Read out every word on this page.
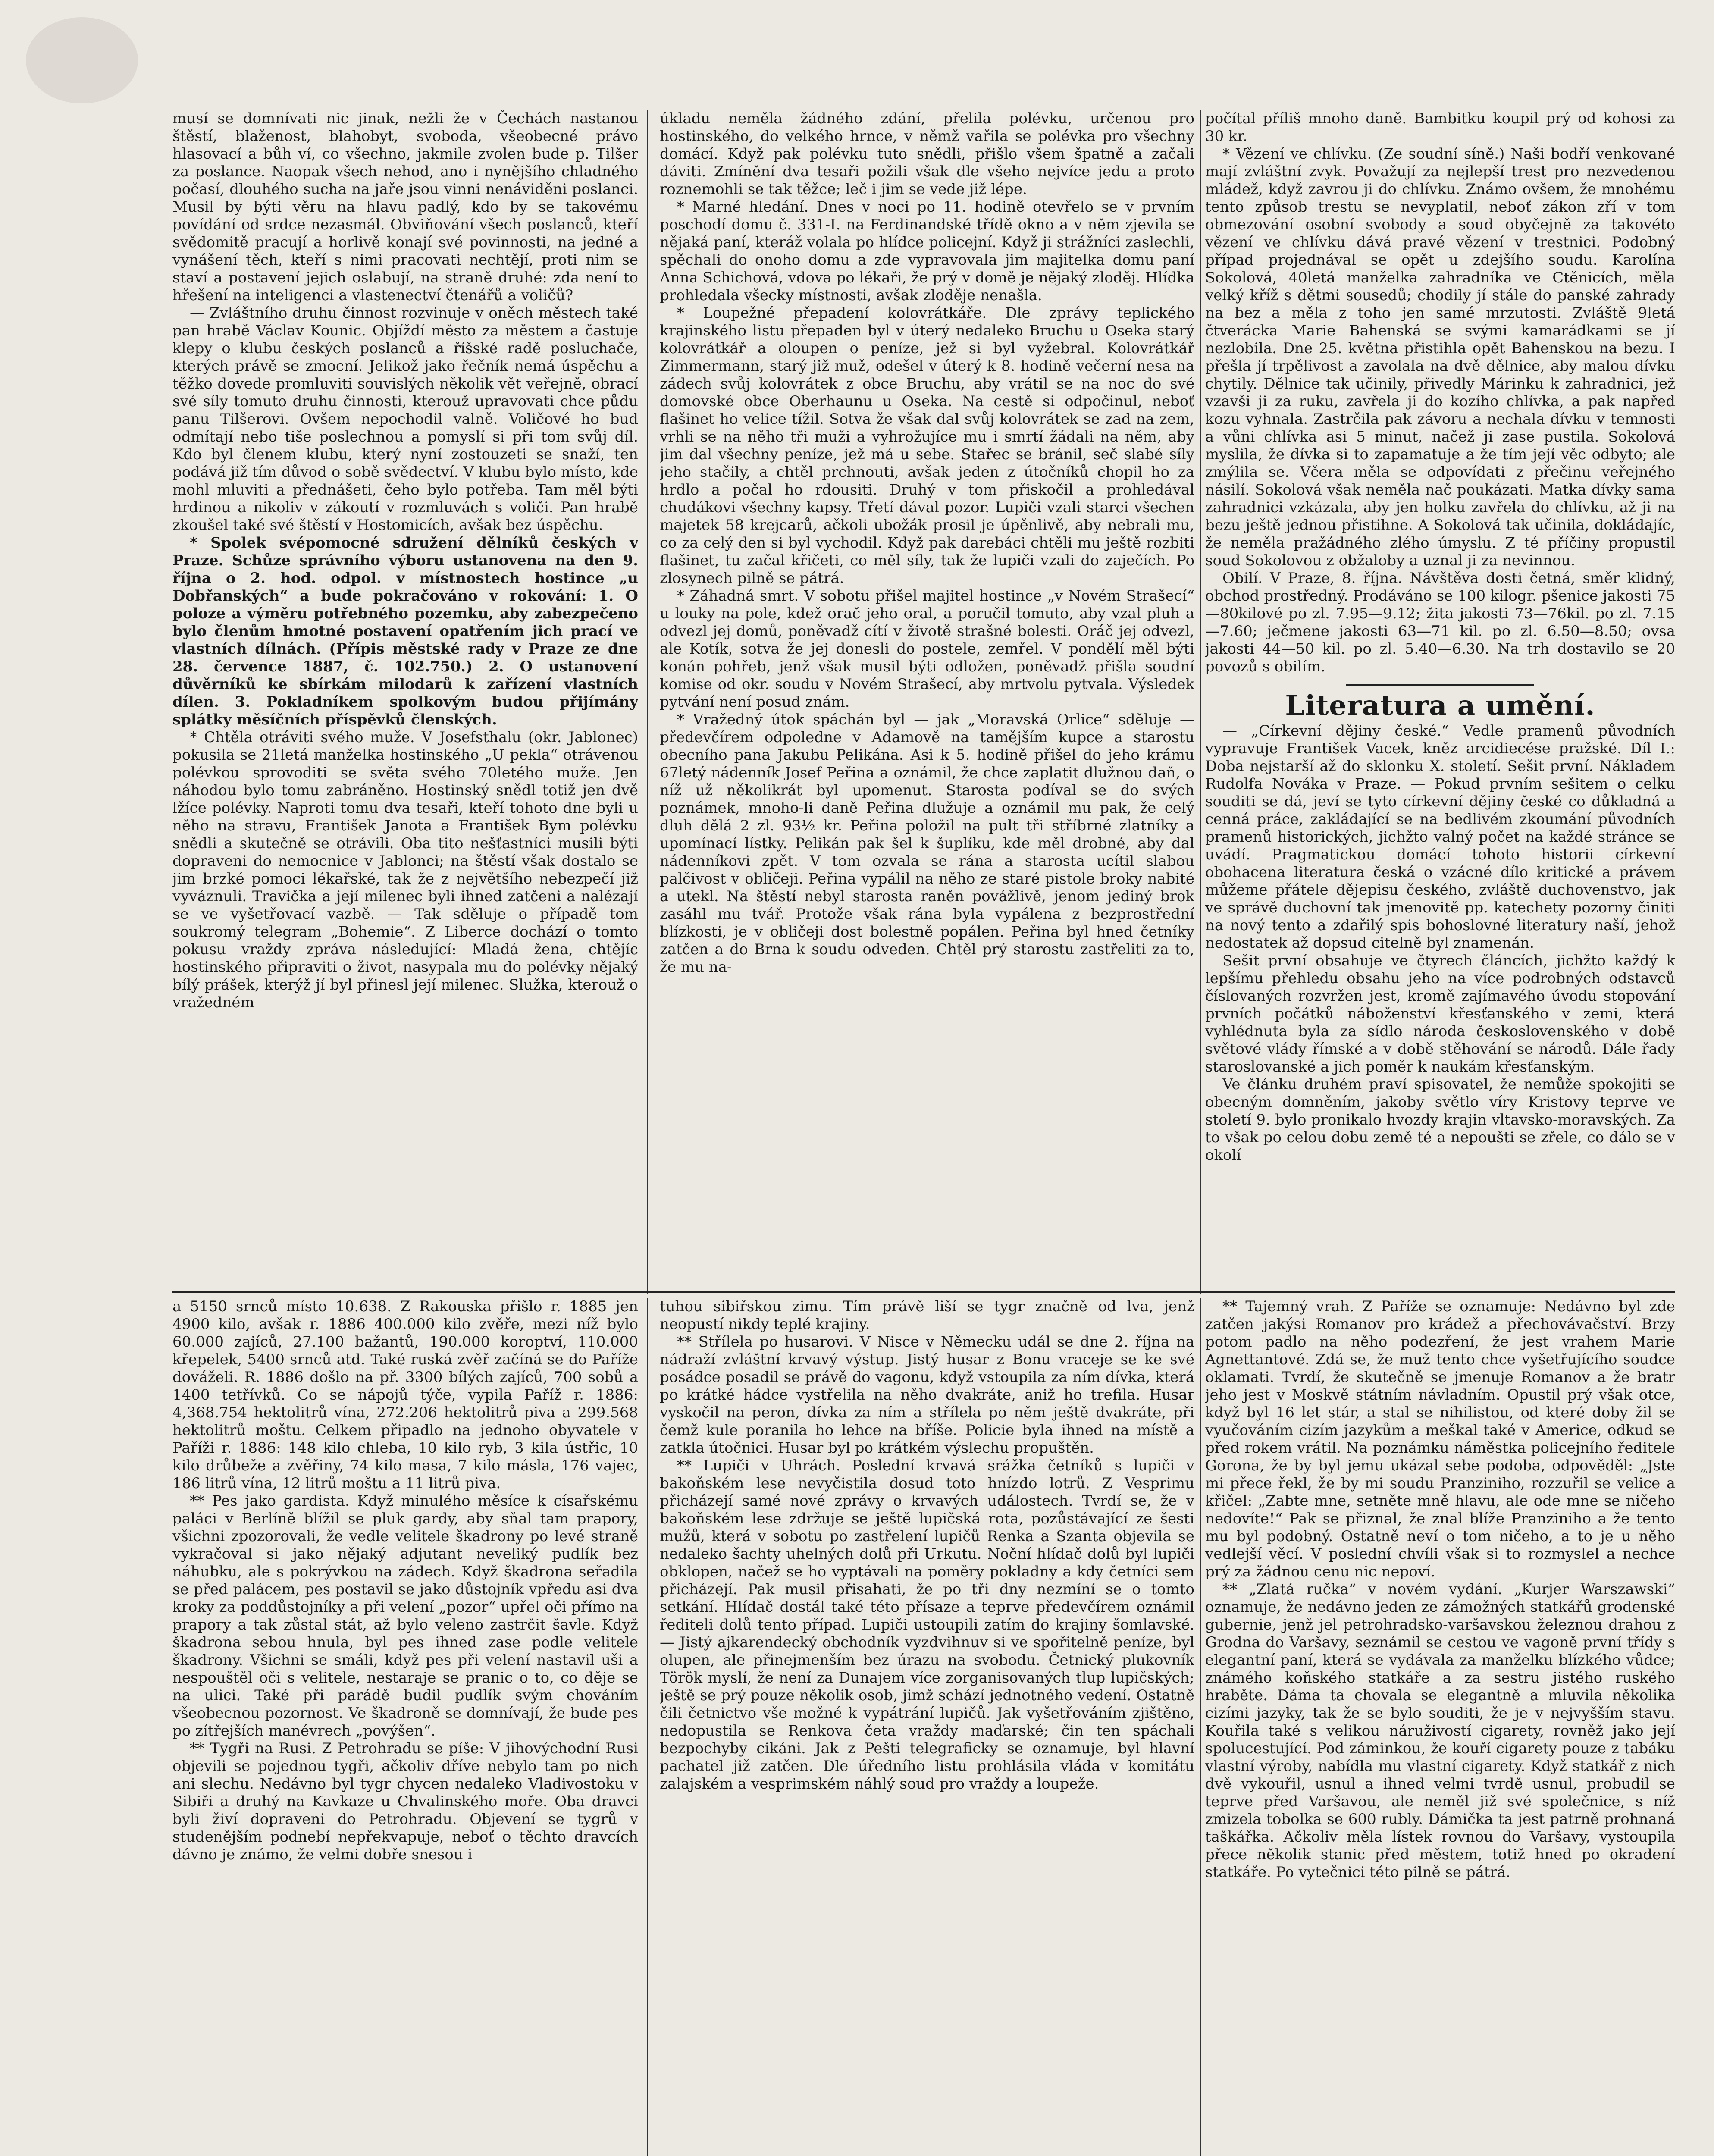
musí se domnívati nic jinak, nežli že v Čechách nastanou štěstí, blaženost, blahobyt, svoboda, všeobecné právo hlasovací a bůh ví, co všechno, jakmile zvolen bude p. Tilšer za poslance. Naopak všech nehod, ano i nynějšího chladného počasí, dlouhého sucha na jaře jsou vinni nenáviděni poslanci. Musil by býti věru na hlavu padlý, kdo by se takovému povídání od srdce nezasmál. Obviňování všech poslanců, kteří svědomitě pracují a horlivě konají své povinnosti, na jedné a vynášení těch, kteří s nimi pracovati nechtějí, proti nim se staví a postavení jejich oslabují, na straně druhé: zda není to hřešení na inteligenci a vlastenectví čtenářů a voličů?

— Zvláštního druhu činnost rozvinuje v oněch městech také pan hrabě Václav Kounic. Objíždí město za městem a častuje klepy o klubu českých poslanců a říšské radě posluchače, kterých právě se zmocní. Jelikož jako řečník nemá úspěchu a těžko dovede promluviti souvislých několik vět veřejně, obrací své síly tomuto druhu činnosti, kterouž upravovati chce půdu panu Tilšerovi. Ovšem nepochodil valně. Voličové ho buď odmítají nebo tiše poslechnou a pomyslí si při tom svůj díl. Kdo byl členem klubu, který nyní zostouzeti se snaží, ten podává již tím důvod o sobě svědectví. V klubu bylo místo, kde mohl mluviti a přednášeti, čeho bylo potřeba. Tam měl býti hrdinou a nikoliv v zákoutí v rozmluvách s voliči. Pan hrabě zkoušel také své štěstí v Hostomicích, avšak bez úspěchu.

* Spolek svépomocné sdružení dělníků českých v Praze. Schůze správního výboru ustanovena na den 9. října o 2. hod. odpol. v místnostech hostince „u Dobřanských“ a bude pokračováno v rokování: 1. O poloze a výměru potřebného pozemku, aby zabezpečeno bylo členům hmotné postavení opatřením jich prací ve vlastních dílnách. (Přípis městské rady v Praze ze dne 28. července 1887, č. 102.750.) 2. O ustanovení důvěrníků ke sbírkám milodarů k zařízení vlastních dílen. 3. Pokladníkem spolkovým budou přijímány splátky měsíčních příspěvků členských.

* Chtěla otráviti svého muže. V Josefsthalu (okr. Jablonec) pokusila se 21letá manželka hostinského „U pekla“ otrávenou polévkou sprovoditi se světa svého 70letého muže. Jen náhodou bylo tomu zabráněno. Hostinský snědl totiž jen dvě lžíce polévky. Naproti tomu dva tesaři, kteří tohoto dne byli u něho na stravu, František Janota a František Bym polévku snědli a skutečně se otrávili. Oba tito nešťastníci musili býti dopraveni do nemocnice v Jablonci; na štěstí však dostalo se jim brzké pomoci lékařské, tak že z největšího nebezpečí již vyváznuli. Travička a její milenec byli ihned zatčeni a nalézají se ve vyšetřovací vazbě. — Tak sděluje o případě tom soukromý telegram „Bohemie“. Z Liberce dochází o tomto pokusu vraždy zpráva následující: Mladá žena, chtějíc hostinského připraviti o život, nasypala mu do polévky nějaký bílý prášek, kterýž jí byl přinesl její milenec. Služka, kterouž o vražedném

úkladu neměla žádného zdání, přelila polévku, určenou pro hostinského, do velkého hrnce, v němž vařila se polévka pro všechny domácí. Když pak polévku tuto snědli, přišlo všem špatně a začali dáviti. Zmínění dva tesaři požili však dle všeho nejvíce jedu a proto roznemohli se tak těžce; leč i jim se vede již lépe.

* Marné hledání. Dnes v noci po 11. hodině otevřelo se v prvním poschodí domu č. 331-I. na Ferdinandské třídě okno a v něm zjevila se nějaká paní, kteráž volala po hlídce policejní. Když ji strážníci zaslechli, spěchali do onoho domu a zde vypravovala jim majitelka domu paní Anna Schichová, vdova po lékaři, že prý v domě je nějaký zloděj. Hlídka prohledala všecky místnosti, avšak zloděje nenašla.

* Loupežné přepadení kolovrátkáře. Dle zprávy teplického krajinského listu přepaden byl v úterý nedaleko Bruchu u Oseka starý kolovrátkář a oloupen o peníze, jež si byl vyžebral. Kolovrátkář Zimmermann, starý již muž, odešel v úterý k 8. hodině večerní nesa na zádech svůj kolovrátek z obce Bruchu, aby vrátil se na noc do své domovské obce Oberhaunu u Oseka. Na cestě si odpočinul, neboť flašinet ho velice tížil. Sotva že však dal svůj kolovrátek se zad na zem, vrhli se na něho tři muži a vyhrožujíce mu i smrtí žádali na něm, aby jim dal všechny peníze, jež má u sebe. Stařec se bránil, seč slabé síly jeho stačily, a chtěl prchnouti, avšak jeden z útočníků chopil ho za hrdlo a počal ho rdousiti. Druhý v tom přiskočil a prohledával chudákovi všechny kapsy. Třetí dával pozor. Lupiči vzali starci všechen majetek 58 krejcarů, ačkoli ubožák prosil je úpěnlivě, aby nebrali mu, co za celý den si byl vychodil. Když pak darebáci chtěli mu ještě rozbiti flašinet, tu začal křičeti, co měl síly, tak že lupiči vzali do zaječích. Po zlosynech pilně se pátrá.

* Záhadná smrt. V sobotu přišel majitel hostince „v Novém Strašecí“ u louky na pole, kdež orač jeho oral, a poručil tomuto, aby vzal pluh a odvezl jej domů, poněvadž cítí v životě strašné bolesti. Oráč jej odvezl, ale Kotík, sotva že jej donesli do postele, zemřel. V pondělí měl býti konán pohřeb, jenž však musil býti odložen, poněvadž přišla soudní komise od okr. soudu v Novém Strašecí, aby mrtvolu pytvala. Výsledek pytvání není posud znám.

* Vražedný útok spáchán byl — jak „Moravská Orlice“ sděluje — předevčírem odpoledne v Adamově na tamějším kupce a starostu obecního pana Jakubu Pelikána. Asi k 5. hodině přišel do jeho krámu 67letý nádenník Josef Peřina a oznámil, že chce zaplatit dlužnou daň, o níž už několikrát byl upomenut. Starosta podíval se do svých poznámek, mnoho-li daně Peřina dlužuje a oznámil mu pak, že celý dluh dělá 2 zl. 93½ kr. Peřina položil na pult tři stříbrné zlatníky a upomínací lístky. Pelikán pak šel k šuplíku, kde měl drobné, aby dal nádenníkovi zpět. V tom ozvala se rána a starosta ucítil slabou palčivost v obličeji. Peřina vypálil na něho ze staré pistole broky nabité a utekl. Na štěstí nebyl starosta raněn povážlivě, jenom jediný brok zasáhl mu tvář. Protože však rána byla vypálena z bezprostřední blízkosti, je v obličeji dost bolestně popálen. Peřina byl hned četníky zatčen a do Brna k soudu odveden. Chtěl prý starostu zastřeliti za to, že mu na-

počítal příliš mnoho daně. Bambitku koupil prý od kohosi za 30 kr.

* Vězení ve chlívku. (Ze soudní síně.) Naši bodří venkované mají zvláštní zvyk. Považují za nejlepší trest pro nezvedenou mládež, když zavrou ji do chlívku. Známo ovšem, že mnohému tento způsob trestu se nevyplatil, neboť zákon zří v tom obmezování osobní svobody a soud obyčejně za takovéto vězení ve chlívku dává pravé vězení v trestnici. Podobný případ projednával se opět u zdejšího soudu. Karolína Sokolová, 40letá manželka zahradníka ve Ctěnicích, měla velký kříž s dětmi sousedů; chodily jí stále do panské zahrady na bez a měla z toho jen samé mrzutosti. Zvláště 9letá čtverácka Marie Bahenská se svými kamarádkami se jí nezlobila. Dne 25. května přistihla opět Bahenskou na bezu. I přešla jí trpělivost a zavolala na dvě dělnice, aby malou dívku chytily. Dělnice tak učinily, přivedly Márinku k zahradnici, jež vzavši ji za ruku, zavřela ji do kozího chlívka, a pak napřed kozu vyhnala. Zastrčila pak závoru a nechala dívku v temnosti a vůni chlívka asi 5 minut, načež ji zase pustila. Sokolová myslila, že dívka si to zapamatuje a že tím její věc odbyto; ale zmýlila se. Včera měla se odpovídati z přečinu veřejného násilí. Sokolová však neměla nač poukázati. Matka dívky sama zahradnici vzkázala, aby jen holku zavřela do chlívku, až ji na bezu ještě jednou přistihne. A Sokolová tak učinila, dokládajíc, že neměla pražádného zlého úmyslu. Z té příčiny propustil soud Sokolovou z obžaloby a uznal ji za nevinnou.

Obilí. V Praze, 8. října. Návštěva dosti četná, směr klidný, obchod prostředný. Prodáváno se 100 kilogr. pšenice jakosti 75—80kilové po zl. 7.95—9.12; žita jakosti 73—76kil. po zl. 7.15—7.60; ječmene jakosti 63—71 kil. po zl. 6.50—8.50; ovsa jakosti 44—50 kil. po zl. 5.40—6.30. Na trh dostavilo se 20 povozů s obilím.

Literatura a umění.

— „Církevní dějiny české.“ Vedle pramenů původních vypravuje František Vacek, kněz arcidiecése pražské. Díl I.: Doba nejstarší až do sklonku X. století. Sešit první. Nákladem Rudolfa Nováka v Praze. — Pokud prvním sešitem o celku souditi se dá, jeví se tyto církevní dějiny české co důkladná a cenná práce, zakládající se na bedlivém zkoumání původních pramenů historických, jichžto valný počet na každé stránce se uvádí. Pragmatickou domácí tohoto historii církevní obohacena literatura česká o vzácné dílo kritické a právem můžeme přátele dějepisu českého, zvláště duchovenstvo, jak ve správě duchovní tak jmenovitě pp. katechety pozorny činiti na nový tento a zdařilý spis bohoslovné literatury naší, jehož nedostatek až dopsud citelně byl znamenán.

Sešit první obsahuje ve čtyrech článcích, jichžto každý k lepšímu přehledu obsahu jeho na více podrobných odstavců číslovaných rozvržen jest, kromě zajímavého úvodu stopování prvních počátků náboženství křesťanského v zemi, která vyhlédnuta byla za sídlo národa československého v době světové vlády římské a v době stěhování se národů. Dále řady staroslovanské a jich poměr k naukám křesťanským.

Ve článku druhém praví spisovatel, že nemůže spokojiti se obecným domněním, jakoby světlo víry Kristovy teprve ve století 9. bylo pronikalo hvozdy krajin vltavsko-moravských. Za to však po celou dobu země té a nepoušti se zřele, co dálo se v okolí

a 5150 srnců místo 10.638. Z Rakouska přišlo r. 1885 jen 4900 kilo, avšak r. 1886 400.000 kilo zvěře, mezi níž bylo 60.000 zajíců, 27.100 bažantů, 190.000 koroptví, 110.000 křepelek, 5400 srnců atd. Také ruská zvěř začíná se do Paříže dováželi. R. 1886 došlo na př. 3300 bílých zajíců, 700 sobů a 1400 tetřívků. Co se nápojů týče, vypila Paříž r. 1886: 4,368.754 hektolitrů vína, 272.206 hektolitrů piva a 299.568 hektolitrů moštu. Celkem připadlo na jednoho obyvatele v Paříži r. 1886: 148 kilo chleba, 10 kilo ryb, 3 kila ústřic, 10 kilo drůbeže a zvěřiny, 74 kilo masa, 7 kilo másla, 176 vajec, 186 litrů vína, 12 litrů moštu a 11 litrů piva.

** Pes jako gardista. Když minulého měsíce k císařskému paláci v Berlíně blížil se pluk gardy, aby sňal tam prapory, všichni zpozorovali, že vedle velitele škadrony po levé straně vykračoval si jako nějaký adjutant neveliký pudlík bez náhubku, ale s pokrývkou na zádech. Když škadrona seřadila se před palácem, pes postavil se jako důstojník vpředu asi dva kroky za poddůstojníky a při velení „pozor“ upřel oči přímo na prapory a tak zůstal stát, až bylo veleno zastrčit šavle. Když škadrona sebou hnula, byl pes ihned zase podle velitele škadrony. Všichni se smáli, když pes při velení nastavil uši a nespouštěl oči s velitele, nestaraje se pranic o to, co děje se na ulici. Také při parádě budil pudlík svým chováním všeobecnou pozornost. Ve škadroně se domnívají, že bude pes po zítřejších manévrech „povýšen“.

** Tygři na Rusi. Z Petrohradu se píše: V jihovýchodní Rusi objevili se pojednou tygři, ačkoliv dříve nebylo tam po nich ani slechu. Nedávno byl tygr chycen nedaleko Vladivostoku v Sibiři a druhý na Kavkaze u Chvalinského moře. Oba dravci byli živí dopraveni do Petrohradu. Objevení se tygrů v studenějším podnebí nepřekvapuje, neboť o těchto dravcích dávno je známo, že velmi dobře snesou i

tuhou sibiřskou zimu. Tím právě liší se tygr značně od lva, jenž neopustí nikdy teplé krajiny.

** Střílela po husarovi. V Nisce v Německu udál se dne 2. října na nádraží zvláštní krvavý výstup. Jistý husar z Bonu vraceje se ke své posádce posadil se právě do vagonu, když vstoupila za ním dívka, která po krátké hádce vystřelila na něho dvakráte, aniž ho trefila. Husar vyskočil na peron, dívka za ním a střílela po něm ještě dvakráte, při čemž kule poranila ho lehce na bříše. Policie byla ihned na místě a zatkla útočnici. Husar byl po krátkém výslechu propuštěn.

** Lupiči v Uhrách. Poslední krvavá srážka četníků s lupiči v bakoňském lese nevyčistila dosud toto hnízdo lotrů. Z Vesprimu přicházejí samé nové zprávy o krvavých událostech. Tvrdí se, že v bakoňském lese zdržuje se ještě lupičská rota, pozůstávající ze šesti mužů, která v sobotu po zastřelení lupičů Renka a Szanta objevila se nedaleko šachty uhelných dolů při Urkutu. Noční hlídač dolů byl lupiči obklopen, načež se ho vyptávali na poměry pokladny a kdy četníci sem přicházejí. Pak musil přisahati, že po tři dny nezmíní se o tomto setkání. Hlídač dostál také této přísaze a teprve předevčírem oznámil řediteli dolů tento případ. Lupiči ustoupili zatím do krajiny šomlavské. — Jistý ajkarendecký obchodník vyzdvihnuv si ve spořitelně peníze, byl olupen, ale přinejmenším bez úrazu na svobodu. Četnický plukovník Török myslí, že není za Dunajem více zorganisovaných tlup lupičských; ještě se prý pouze několik osob, jimž schází jednotného vedení. Ostatně čili četnictvo vše možné k vypátrání lupičů. Jak vyšetřováním zjištěno, nedopustila se Renkova četa vraždy maďarské; čin ten spáchali bezpochyby cikáni. Jak z Pešti telegraficky se oznamuje, byl hlavní pachatel již zatčen. Dle úředního listu prohlásila vláda v komitátu zalajském a vesprimském náhlý soud pro vraždy a loupeže.

** Tajemný vrah. Z Paříže se oznamuje: Nedávno byl zde zatčen jakýsi Romanov pro krádež a přechovávačství. Brzy potom padlo na něho podezření, že jest vrahem Marie Agnettantové. Zdá se, že muž tento chce vyšetřujícího soudce oklamati. Tvrdí, že skutečně se jmenuje Romanov a že bratr jeho jest v Moskvě státním návladním. Opustil prý však otce, když byl 16 let stár, a stal se nihilistou, od které doby žil se vyučováním cizím jazykům a meškal také v Americe, odkud se před rokem vrátil. Na poznámku náměstka policejního ředitele Gorona, že by byl jemu ukázal sebe podoba, odpověděl: „Jste mi přece řekl, že by mi soudu Pranziniho, rozzuřil se velice a křičel: „Zabte mne, setněte mně hlavu, ale ode mne se ničeho nedovíte!“ Pak se přiznal, že znal blíže Pranziniho a že tento mu byl podobný. Ostatně neví o tom ničeho, a to je u něho vedlejší věcí. V poslední chvíli však si to rozmyslel a nechce prý za žádnou cenu nic nepoví.

** „Zlatá ručka“ v novém vydání. „Kurjer Warszawski“ oznamuje, že nedávno jeden ze zámožných statkářů grodenské gubernie, jenž jel petrohradsko-varšavskou železnou drahou z Grodna do Varšavy, seznámil se cestou ve vagoně první třídy s elegantní paní, která se vydávala za manželku blízkého vůdce; známého koňského statkáře a za sestru jistého ruského hraběte. Dáma ta chovala se elegantně a mluvila několika cizími jazyky, tak že se bylo souditi, že je v nejvyšším stavu. Kouřila také s velikou náruživostí cigarety, rovněž jako její spolucestující. Pod záminkou, že kouří cigarety pouze z tabáku vlastní výroby, nabídla mu vlastní cigarety. Když statkář z nich dvě vykouřil, usnul a ihned velmi tvrdě usnul, probudil se teprve před Varšavou, ale neměl již své společnice, s níž zmizela tobolka se 600 rubly. Dámička ta jest patrně prohnaná taškářka. Ačkoliv měla lístek rovnou do Varšavy, vystoupila přece několik stanic před městem, totiž hned po okradení statkáře. Po vytečnici této pilně se pátrá.
